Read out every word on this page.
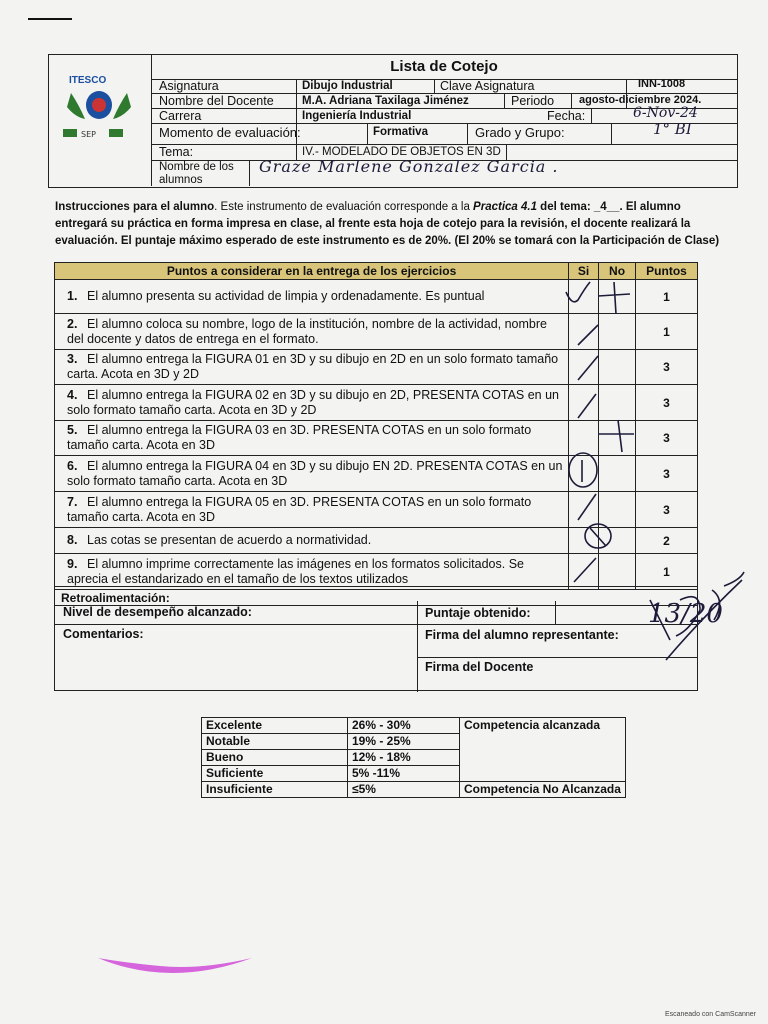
ITESCO
SEP
Lista de Cotejo
Asignatura	Dibujo Industrial	Clave Asignatura	INN-1008
Nombre del Docente	M.A. Adriana Taxilaga Jiménez	Periodo	agosto-diciembre 2024.
Carrera	Ingeniería Industrial	Fecha:	6-Nov-24
Momento de evaluación:	Formativa	Grado y Grupo:	1° BI
Tema:	IV.- MODELADO DE OBJETOS EN 3D
Nombre de los
alumnos
Graze Marlene Gonzalez Garcia .
Instrucciones para el alumno. Este instrumento de evaluación corresponde a la Practica 4.1 del tema: _4__. El alumno entregará su práctica en forma impresa en clase, al frente esta hoja de cotejo para la revisión, el docente realizará la evaluación. El puntaje máximo esperado de este instrumento es de 20%. (El 20% se tomará con la Participación de Clase)
Puntos a considerar en la entrega de los ejercicios	Si	No	Puntos
1. El alumno presenta su actividad de limpia y ordenadamente. Es puntual			1
2. El alumno coloca su nombre, logo de la institución, nombre de la actividad, nombre del docente y datos de entrega en el formato.			1
3. El alumno entrega la FIGURA 01 en 3D y su dibujo en 2D en un solo formato tamaño carta. Acota en 3D y 2D			3
4. El alumno entrega la FIGURA 02 en 3D y su dibujo en 2D, PRESENTA COTAS en un solo formato tamaño carta. Acota en 3D y 2D			3
5. El alumno entrega la FIGURA 03 en 3D. PRESENTA COTAS en un solo formato tamaño carta. Acota en 3D			3
6. El alumno entrega la FIGURA 04 en 3D y su dibujo EN 2D. PRESENTA COTAS en un solo formato tamaño carta. Acota en 3D			3
7. El alumno entrega la FIGURA 05 en 3D. PRESENTA COTAS en un solo formato tamaño carta. Acota en 3D			3
8. Las cotas se presentan de acuerdo a normatividad.			2
9. El alumno imprime correctamente las imágenes en los formatos solicitados. Se aprecia el estandarizado en el tamaño de los textos utilizados			1
Retroalimentación:			
Nivel de desempeño alcanzado:	Puntaje obtenido:
Comentarios:	Firma del alumno representante:
Firma del Docente
13/20
Excelente	26% - 30%	Competencia alcanzada
Notable	19% - 25%	
Bueno	12% - 18%	
Suficiente	5% -11%	
Insuficiente	≤5%	Competencia No Alcanzada
Escaneado con CamScanner
